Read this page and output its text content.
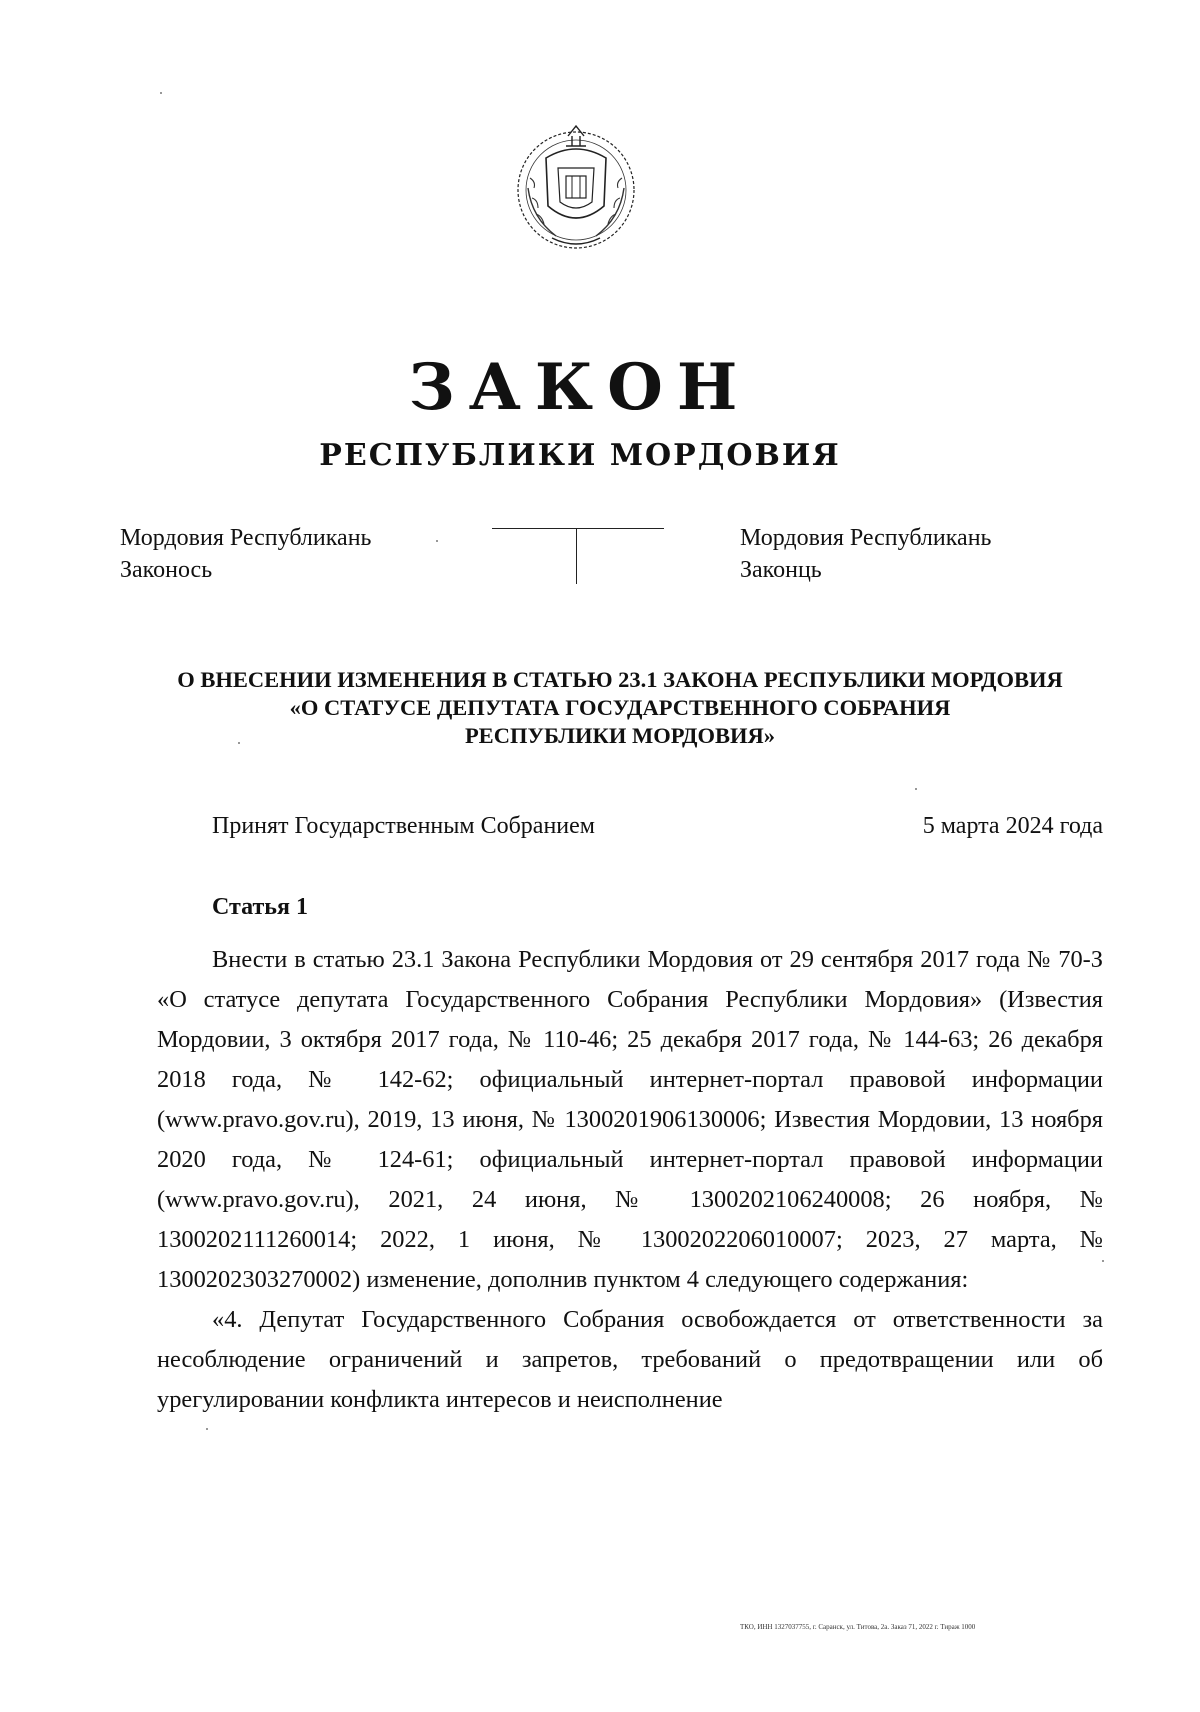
ЗАКОН
РЕСПУБЛИКИ МОРДОВИЯ
Мордовия Республикань
Законось
Мордовия Республикань
Законць
О ВНЕСЕНИИ ИЗМЕНЕНИЯ В СТАТЬЮ 23.1 ЗАКОНА РЕСПУБЛИКИ МОРДОВИЯ
«О СТАТУСЕ ДЕПУТАТА ГОСУДАРСТВЕННОГО СОБРАНИЯ
РЕСПУБЛИКИ МОРДОВИЯ»
Принят Государственным Собранием	5 марта 2024 года
Статья 1

Внести в статью 23.1 Закона Республики Мордовия от 29 сентября 2017 года № 70-З «О статусе депутата Государственного Собрания Республики Мордовия» (Известия Мордовии, 3 октября 2017 года, № 110-46; 25 декабря 2017 года, № 144-63; 26 декабря 2018 года, № 142-62; официальный интернет-портал правовой информации (www.pravo.gov.ru), 2019, 13 июня, № 1300201906130006; Известия Мордовии, 13 ноября 2020 года, № 124-61; официальный интернет-портал правовой информации (www.pravo.gov.ru), 2021, 24 июня, № 1300202106240008; 26 ноября, № 1300202111260014; 2022, 1 июня, № 1300202206010007; 2023, 27 марта, № 1300202303270002) изменение, дополнив пунктом 4 следующего содержания:

«4. Депутат Государственного Собрания освобождается от ответственности за несоблюдение ограничений и запретов, требований о предотвращении или об урегулировании конфликта интересов и неисполнение

ТКО, ИНН 1327037755, г. Саранск, ул. Титова, 2а. Заказ 71, 2022 г. Тираж 1000
